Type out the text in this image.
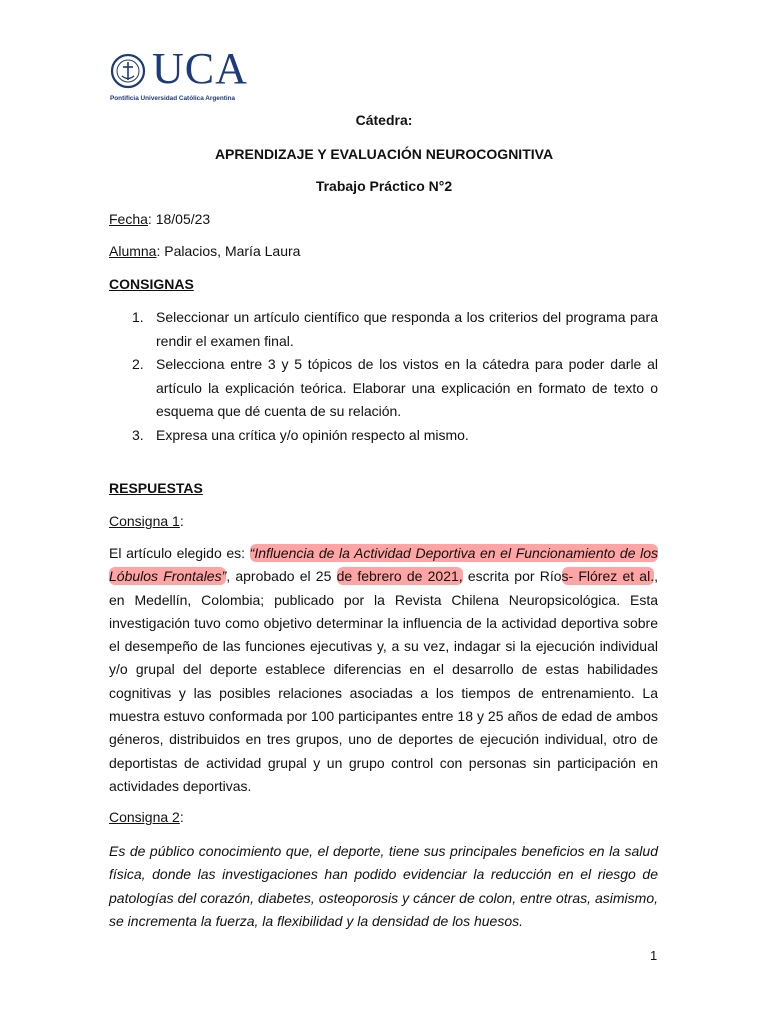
UCA
Pontificia Universidad Católica Argentina
Cátedra:
APRENDIZAJE Y EVALUACIÓN NEUROCOGNITIVA
Trabajo Práctico N°2
Fecha: 18/05/23
Alumna: Palacios, María Laura
CONSIGNAS
1. Seleccionar un artículo científico que responda a los criterios del programa para
rendir el examen final.
2. Selecciona entre 3 y 5 tópicos de los vistos en la cátedra para poder darle al
artículo la explicación teórica. Elaborar una explicación en formato de texto o
esquema que dé cuenta de su relación.
3. Expresa una crítica y/o opinión respecto al mismo.
RESPUESTAS
Consigna 1:
El artículo elegido es: “Influencia de la Actividad Deportiva en el Funcionamiento de los
Lóbulos Frontales”, aprobado el 25 de febrero de 2021, escrita por Ríos- Flórez et al.,
en Medellín, Colombia; publicado por la Revista Chilena Neuropsicológica. Esta
investigación tuvo como objetivo determinar la influencia de la actividad deportiva sobre
el desempeño de las funciones ejecutivas y, a su vez, indagar si la ejecución individual
y/o grupal del deporte establece diferencias en el desarrollo de estas habilidades
cognitivas y las posibles relaciones asociadas a los tiempos de entrenamiento. La
muestra estuvo conformada por 100 participantes entre 18 y 25 años de edad de ambos
géneros, distribuidos en tres grupos, uno de deportes de ejecución individual, otro de
deportistas de actividad grupal y un grupo control con personas sin participación en
actividades deportivas.
Consigna 2:
Es de público conocimiento que, el deporte, tiene sus principales beneficios en la salud
física, donde las investigaciones han podido evidenciar la reducción en el riesgo de
patologías del corazón, diabetes, osteoporosis y cáncer de colon, entre otras, asimismo,
se incrementa la fuerza, la flexibilidad y la densidad de los huesos.
1
